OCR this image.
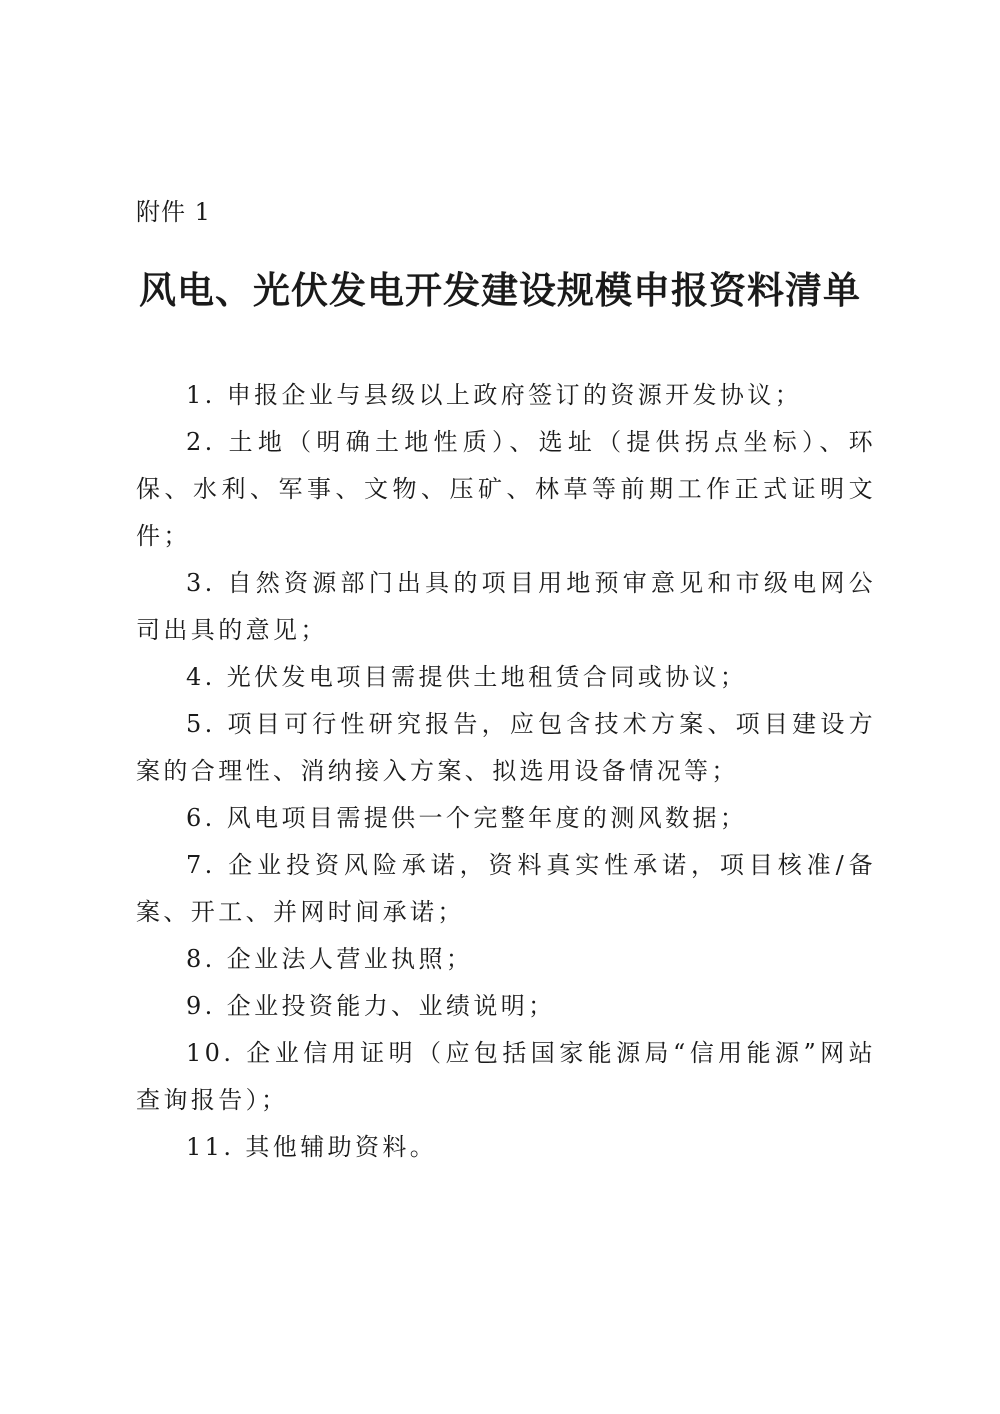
附件 1
风电、光伏发电开发建设规模申报资料清单

1. 申报企业与县级以上政府签订的资源开发协议；

2. 土地（明确土地性质）、选址（提供拐点坐标）、环保、水利、军事、文物、压矿、林草等前期工作正式证明文件；

3. 自然资源部门出具的项目用地预审意见和市级电网公司出具的意见；

4. 光伏发电项目需提供土地租赁合同或协议；

5. 项目可行性研究报告，应包含技术方案、项目建设方案的合理性、消纳接入方案、拟选用设备情况等；

6. 风电项目需提供一个完整年度的测风数据；

7. 企业投资风险承诺，资料真实性承诺，项目核准/备案、开工、并网时间承诺；

8. 企业法人营业执照；

9. 企业投资能力、业绩说明；

10. 企业信用证明（应包括国家能源局“信用能源”网站查询报告）；

11. 其他辅助资料。
